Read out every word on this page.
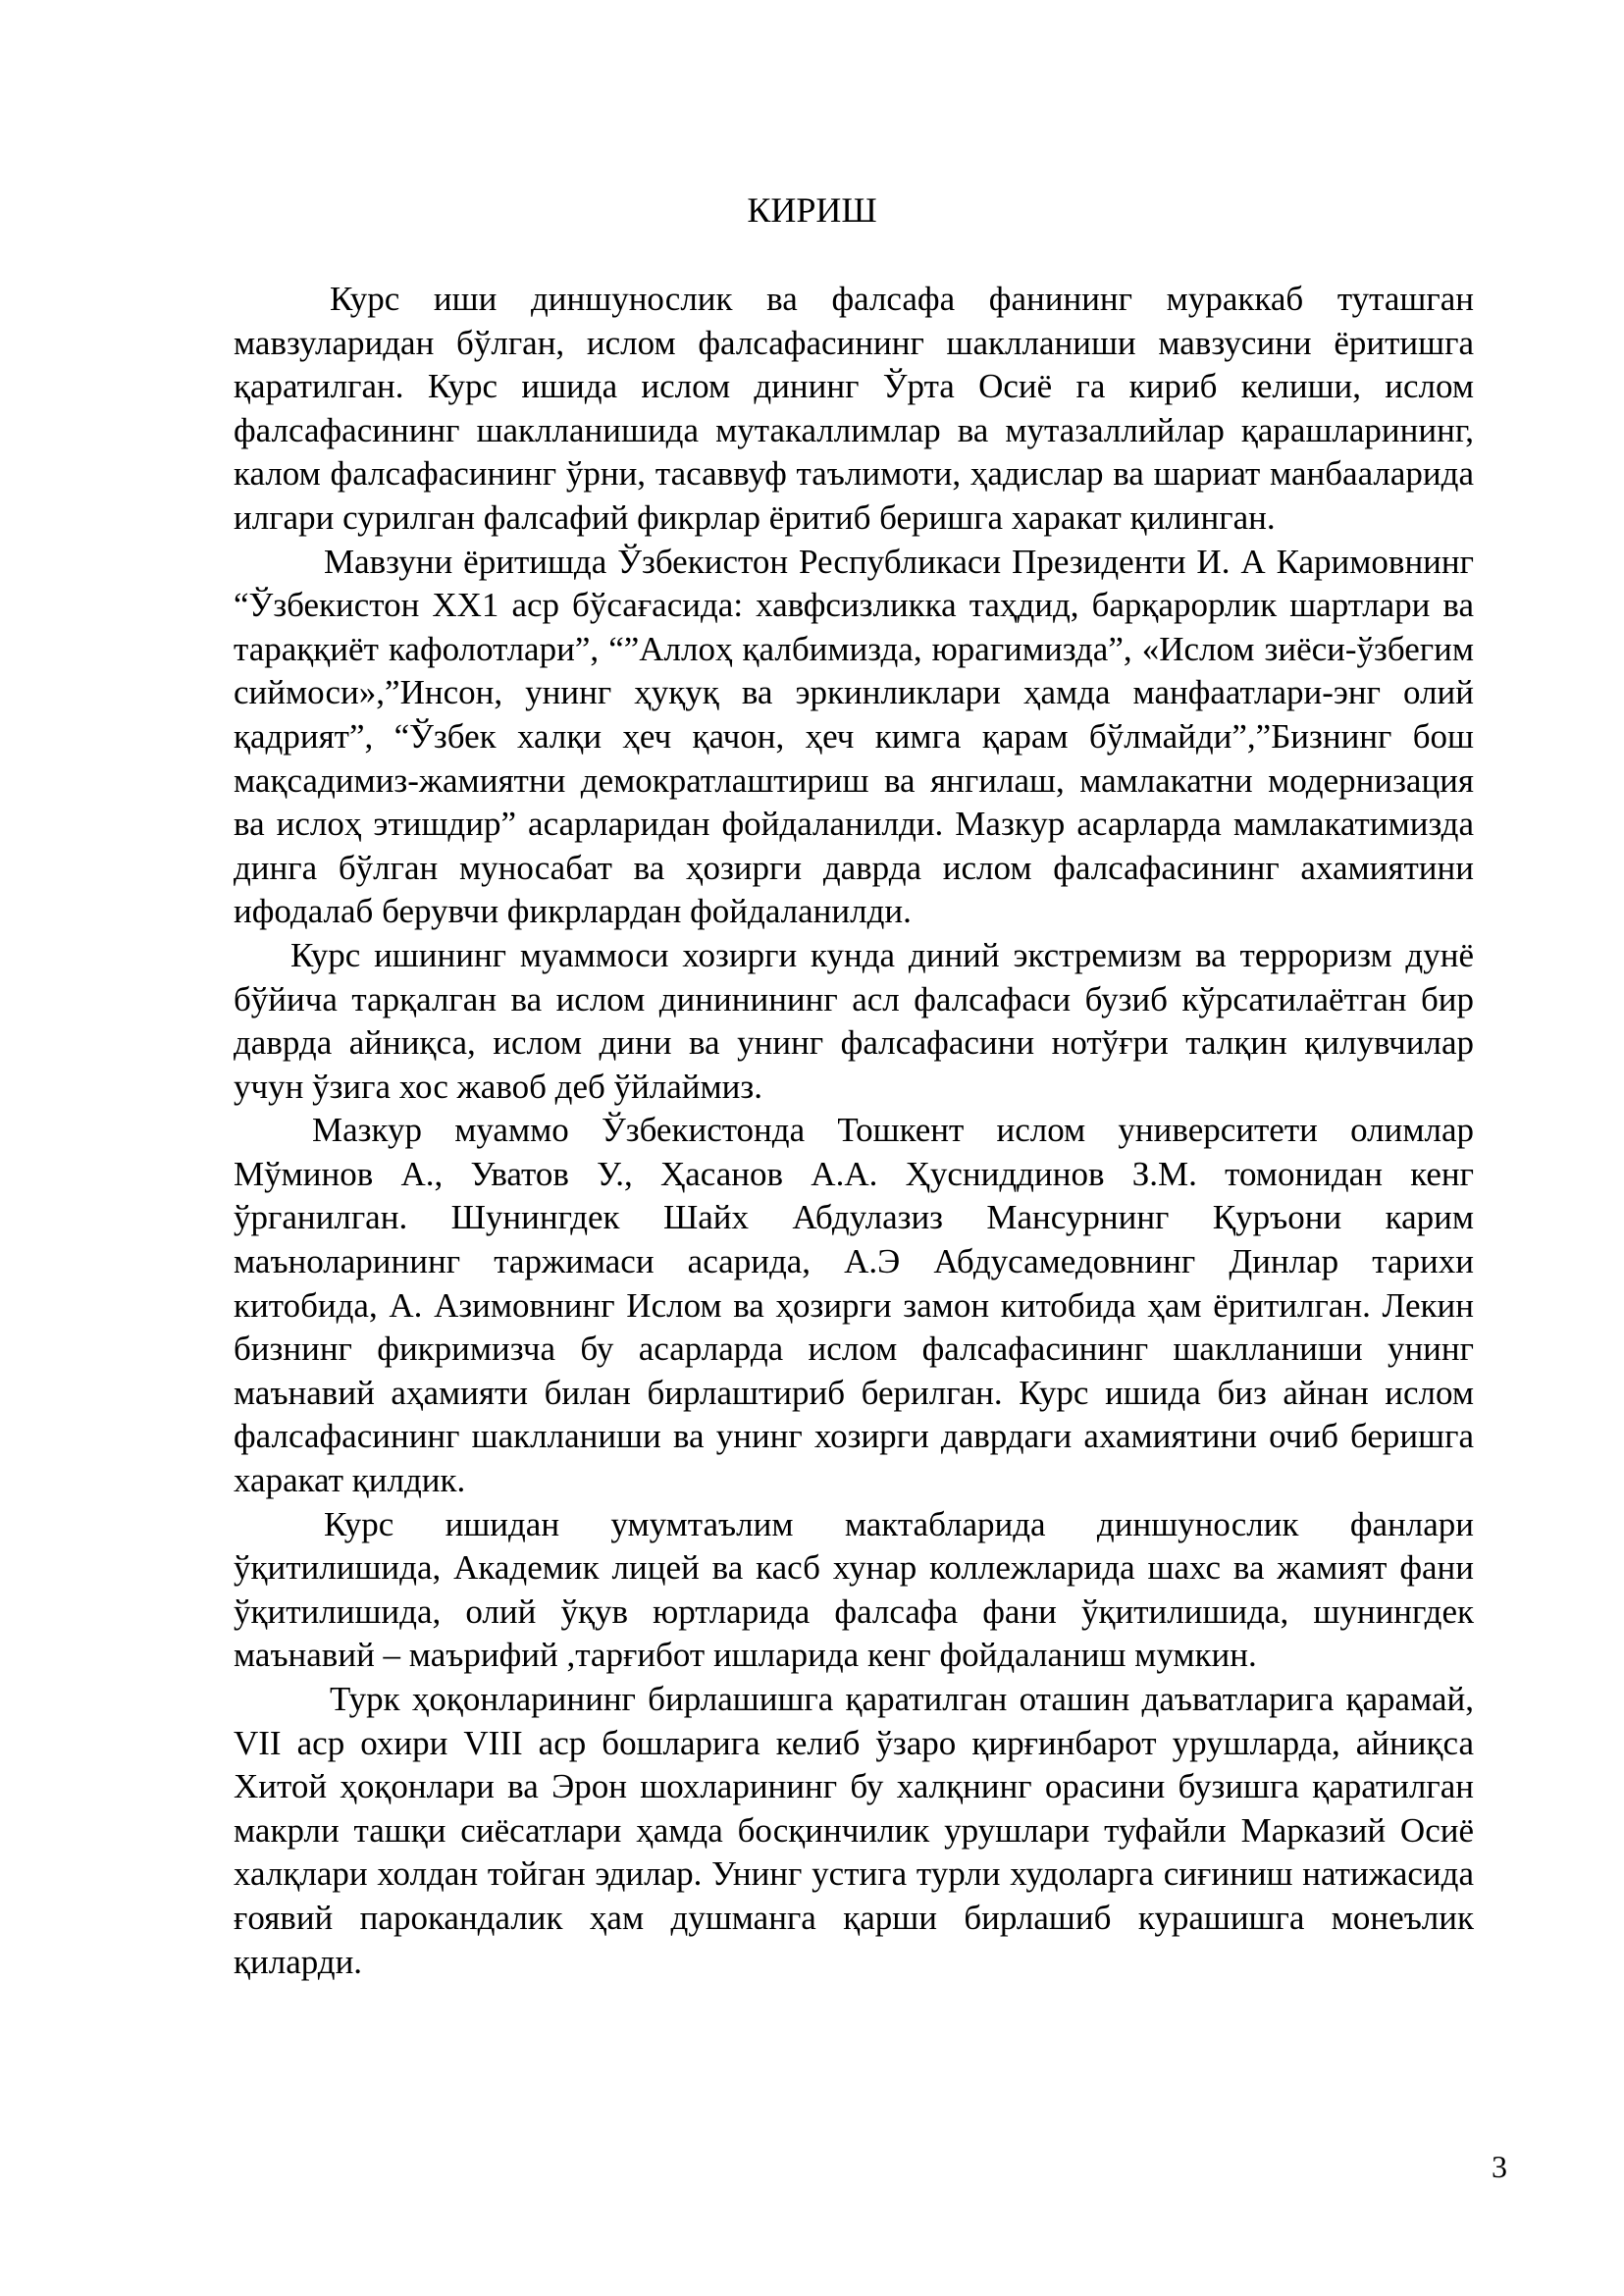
КИРИШ

Курс иши диншунослик ва фалсафа фанининг мураккаб туташган мавзуларидан бўлган, ислом фалсафасининг шаклланиши мавзусини ёритишга қаратилган. Курс ишида ислом дининг Ўрта Осиё га кириб келиши, ислом фалсафасининг шаклланишида мутакаллимлар ва мутазаллийлар қарашларининг, калом фалсафасининг ўрни, тасаввуф таълимоти, ҳадислар ва шариат манбааларида илгари сурилган фалсафий фикрлар ёритиб беришга харакат қилинган.

Мавзуни ёритишда Ўзбекистон Республикаси Президенти И. А Каримовнинг “Ўзбекистон XX1 аср бўсағасида: хавфсизликка таҳдид, барқарорлик шартлари ва тараққиёт кафолотлари”, “”Аллоҳ қалбимизда, юрагимизда”, «Ислом зиёси-ўзбегим сиймоси»,”Инсон, унинг ҳуқуқ ва эркинликлари ҳамда манфаатлари-энг олий қадрият”, “Ўзбек халқи ҳеч қачон, ҳеч кимга қарам бўлмайди”,”Бизнинг бош мақсадимиз-жамиятни демократлаштириш ва янгилаш, мамлакатни модернизация ва ислоҳ этишдир” асарларидан фойдаланилди. Мазкур асарларда мамлакатимизда динга бўлган муносабат ва ҳозирги даврда ислом фалсафасининг ахамиятини ифодалаб берувчи фикрлардан фойдаланилди.

Курс ишининг муаммоси хозирги кунда диний экстремизм ва терроризм дунё бўйича тарқалган ва ислом дининининг асл фалсафаси бузиб кўрсатилаётган бир даврда айниқса, ислом дини ва унинг фалсафасини нотўғри талқин қилувчилар учун ўзига хос жавоб деб ўйлаймиз.

Мазкур муаммо Ўзбекистонда Тошкент ислом университети олимлар Мўминов А., Уватов У., Ҳасанов А.А. Ҳусниддинов З.М. томонидан кенг ўрганилган. Шунингдек Шайх Абдулазиз Мансурнинг Қуръони карим маъноларининг таржимаси асарида, А.Э Абдусамедовнинг Динлар тарихи китобида, А. Азимовнинг Ислом ва ҳозирги замон китобида ҳам ёритилган. Лекин бизнинг фикримизча бу асарларда ислом фалсафасининг шаклланиши унинг маънавий аҳамияти билан бирлаштириб берилган. Курс ишида биз айнан ислом фалсафасининг шаклланиши ва унинг хозирги даврдаги ахамиятини очиб беришга харакат қилдик.

Курс ишидан умумтаълим мактабларида диншунослик фанлари ўқитилишида, Академик лицей ва касб хунар коллежларида шахс ва жамият фани ўқитилишида, олий ўқув юртларида фалсафа фани ўқитилишида, шунингдек маънавий – маърифий ,тарғибот ишларида кенг фойдаланиш мумкин.

Турк ҳоқонларининг бирлашишга қаратилган оташин даъватларига қарамай, VII аср охири VIII аср бошларига келиб ўзаро қирғинбарот урушларда, айниқса Хитой ҳоқонлари ва Эрон шохларининг бу халқнинг орасини бузишга қаратилган макрли ташқи сиёсатлари ҳамда босқинчилик урушлари туфайли Марказий Осиё халқлари холдан тойган эдилар. Унинг устига турли худоларга сиғиниш натижасида ғоявий парокандалик ҳам душманга қарши бирлашиб курашишга монеълик қиларди.

3
